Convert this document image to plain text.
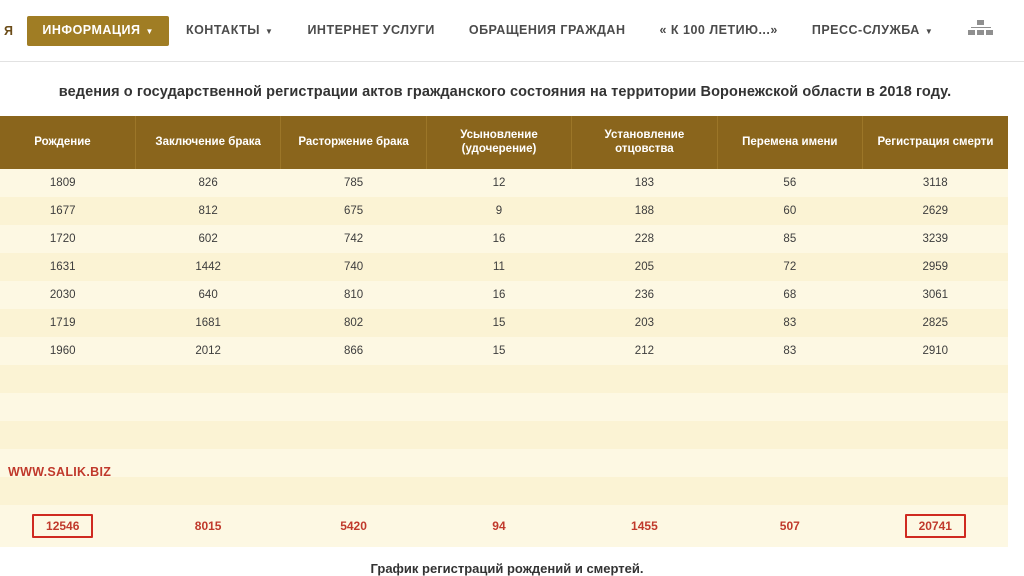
Я	ИНФОРМАЦИЯ ▼	КОНТАКТЫ ▼	ИНТЕРНЕТ УСЛУГИ	ОБРАЩЕНИЯ ГРАЖДАН	« К 100 ЛЕТИЮ...»	ПРЕСС-СЛУЖБА ▼
ведения о государственной регистрации актов гражданского состояния на территории Воронежской области в 2018 году.
Рождение	Заключение брака	Расторжение брака	Усыновление (удочерение)	Установление отцовства	Перемена имени	Регистрация смерти
1809	826	785	12	183	56	3118
1677	812	675	9	188	60	2629
1720	602	742	16	228	85	3239
1631	1442	740	11	205	72	2959
2030	640	810	16	236	68	3061
1719	1681	802	15	203	83	2825
1960	2012	866	15	212	83	2910

12546	8015	5420	94	1455	507	20741
График регистраций рождений и смертей.
WWW.SALIK.BIZ
